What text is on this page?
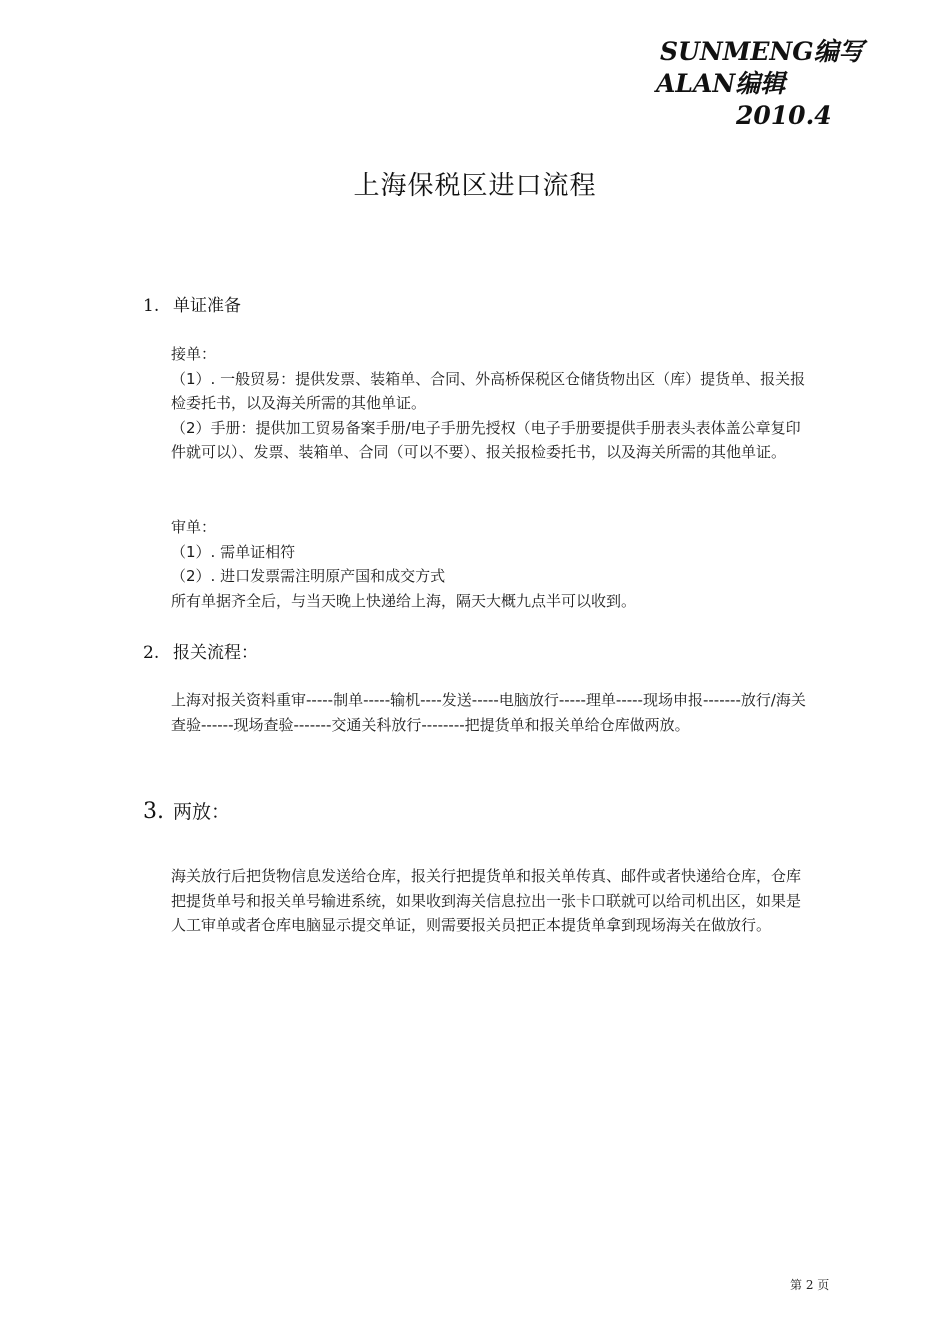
SUNMENG编写
ALAN编辑
2010.4
上海保税区进口流程
1. 单证准备

接单：

（1）. 一般贸易：提供发票、装箱单、合同、外高桥保税区仓储货物出区（库）提货单、报关报检委托书，以及海关所需的其他单证。

（2）手册：提供加工贸易备案手册/电子手册先授权（电子手册要提供手册表头表体盖公章复印件就可以）、发票、装箱单、合同（可以不要）、报关报检委托书，以及海关所需的其他单证。

审单：

（1）. 需单证相符

（2）. 进口发票需注明原产国和成交方式

所有单据齐全后，与当天晚上快递给上海，隔天大概九点半可以收到。

2. 报关流程：

上海对报关资料重审-----制单-----输机----发送-----电脑放行-----理单-----现场申报-------放行/海关查验------现场查验-------交通关科放行--------把提货单和报关单给仓库做两放。

3. 两放：

海关放行后把货物信息发送给仓库，报关行把提货单和报关单传真、邮件或者快递给仓库，仓库把提货单号和报关单号输进系统，如果收到海关信息拉出一张卡口联就可以给司机出区，如果是人工审单或者仓库电脑显示提交单证，则需要报关员把正本提货单拿到现场海关在做放行。

第 2 页
